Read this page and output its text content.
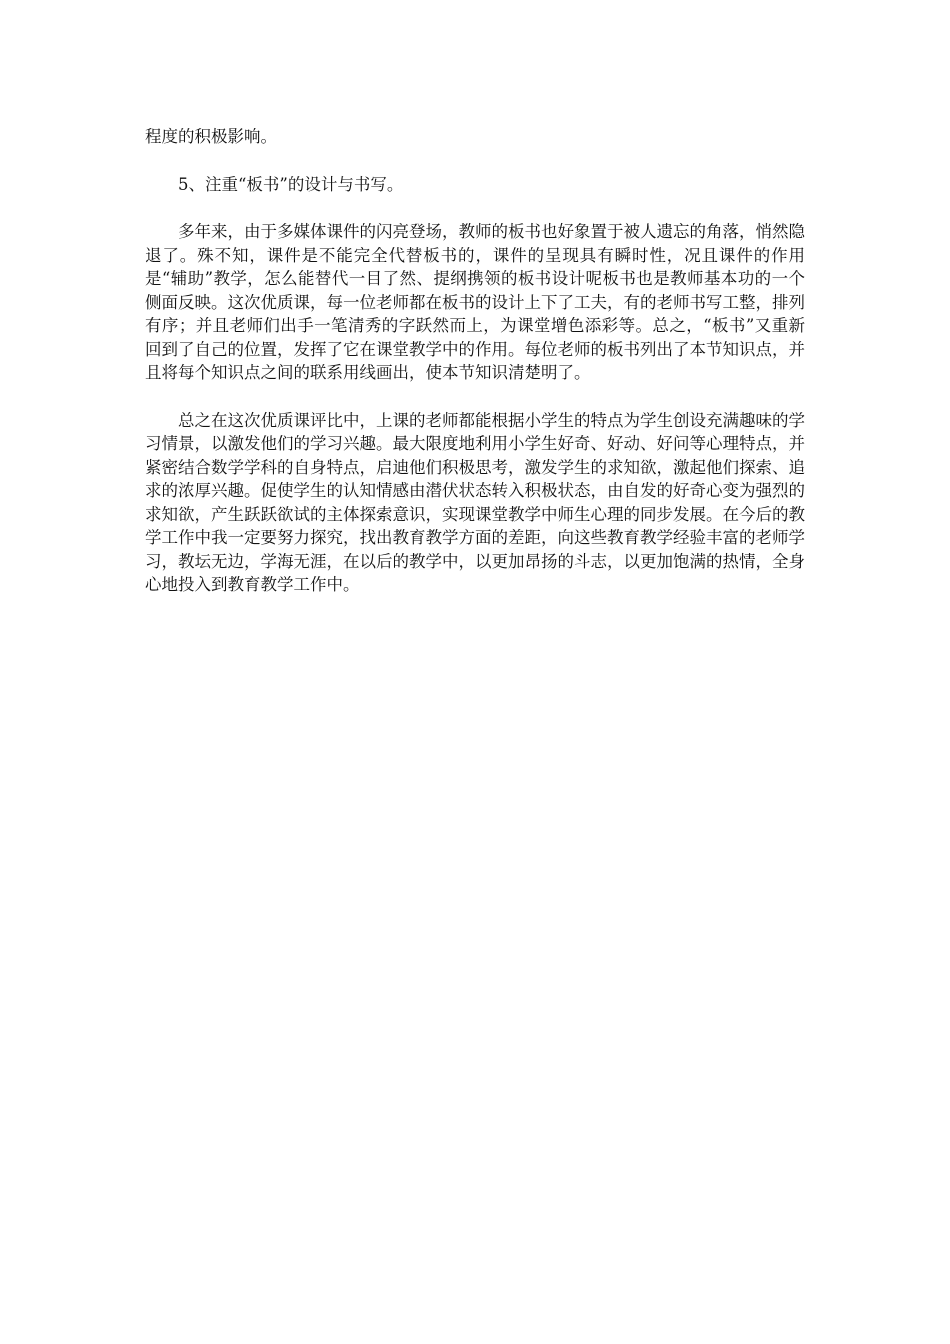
程度的积极影响。

5、注重“板书”的设计与书写。

多年来，由于多媒体课件的闪亮登场，教师的板书也好象置于被人遗忘的角落，悄然隐退了。殊不知，课件是不能完全代替板书的，课件的呈现具有瞬时性，况且课件的作用是“辅助”教学，怎么能替代一目了然、提纲携领的板书设计呢板书也是教师基本功的一个侧面反映。这次优质课，每一位老师都在板书的设计上下了工夫，有的老师书写工整，排列有序；并且老师们出手一笔清秀的字跃然而上，为课堂增色添彩等。总之，“板书”又重新回到了自己的位置，发挥了它在课堂教学中的作用。每位老师的板书列出了本节知识点，并且将每个知识点之间的联系用线画出，使本节知识清楚明了。

总之在这次优质课评比中，上课的老师都能根据小学生的特点为学生创设充满趣味的学习情景，以激发他们的学习兴趣。最大限度地利用小学生好奇、好动、好问等心理特点，并紧密结合数学学科的自身特点，启迪他们积极思考，激发学生的求知欲，激起他们探索、追求的浓厚兴趣。促使学生的认知情感由潜伏状态转入积极状态，由自发的好奇心变为强烈的求知欲，产生跃跃欲试的主体探索意识，实现课堂教学中师生心理的同步发展。在今后的教学工作中我一定要努力探究，找出教育教学方面的差距，向这些教育教学经验丰富的老师学习，教坛无边，学海无涯，在以后的教学中，以更加昂扬的斗志，以更加饱满的热情，全身心地投入到教育教学工作中。
